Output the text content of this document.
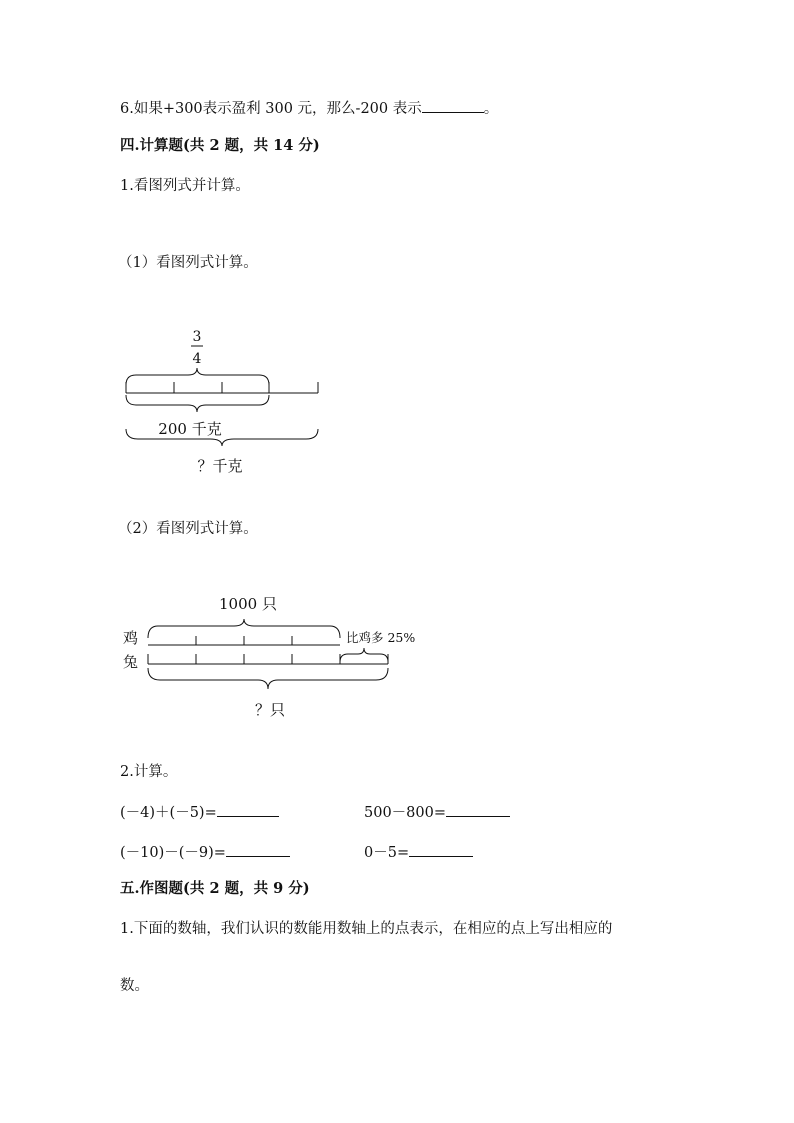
6.如果+300表示盈利 300 元，那么-200 表示	。
四.计算题(共 2 题，共 14 分)
1.看图列式并计算。
（1）看图列式计算。
3
4
200 千克
？千克
（2）看图列式计算。
1000 只
鸡
兔
比鸡多 25%
？只
2.计算。
(－4)＋(－5)=	500－800=
(－10)－(－9)=	0－5=
五.作图题(共 2 题，共 9 分)
1.下面的数轴，我们认识的数能用数轴上的点表示，在相应的点上写出相应的
数。
